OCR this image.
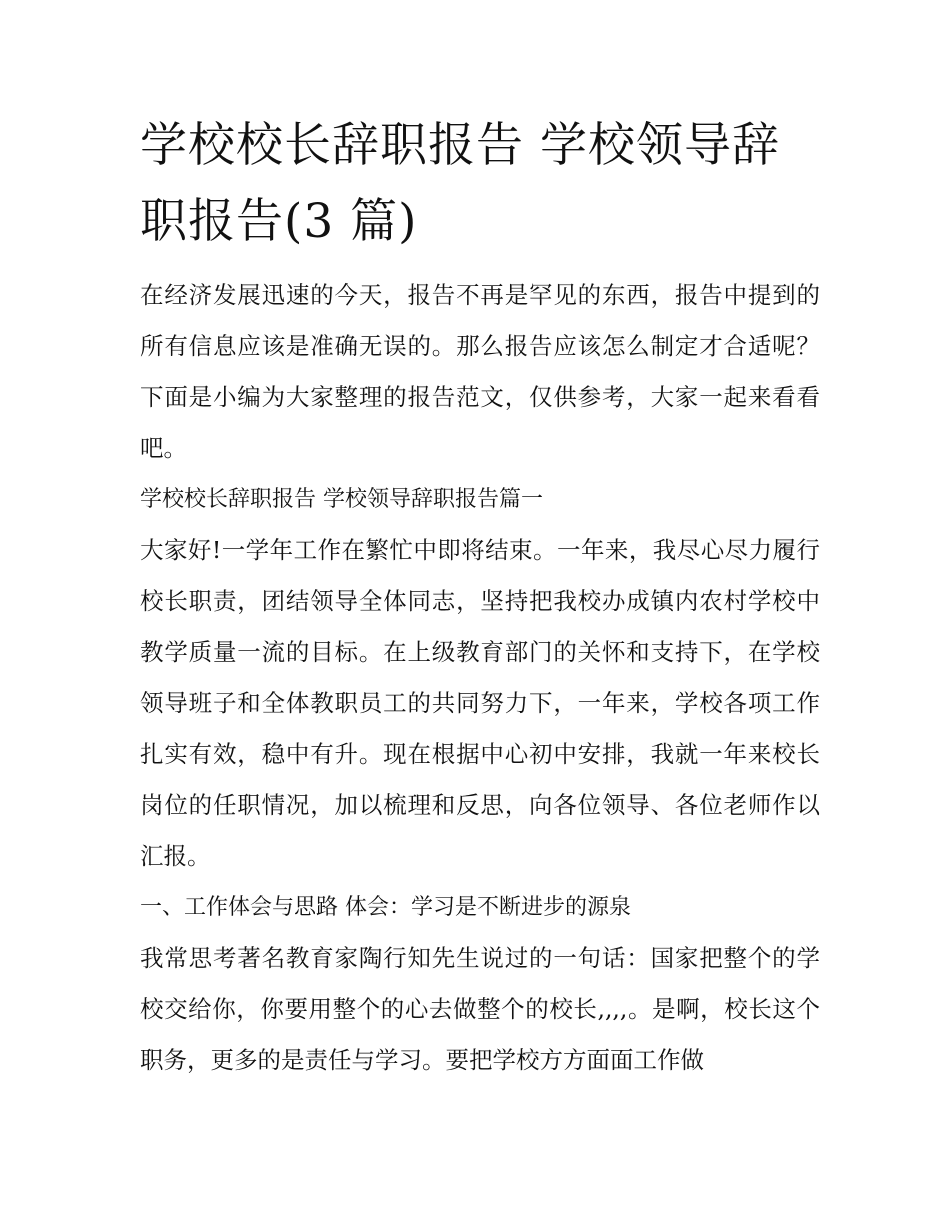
学校校长辞职报告 学校领导辞职报告(3 篇)

在经济发展迅速的今天，报告不再是罕见的东西，报告中提到的所有信息应该是准确无误的。那么报告应该怎么制定才合适呢？下面是小编为大家整理的报告范文，仅供参考，大家一起来看看吧。

学校校长辞职报告 学校领导辞职报告篇一

大家好!一学年工作在繁忙中即将结束。一年来，我尽心尽力履行校长职责，团结领导全体同志，坚持把我校办成镇内农村学校中教学质量一流的目标。在上级教育部门的关怀和支持下，在学校领导班子和全体教职员工的共同努力下，一年来，学校各项工作扎实有效，稳中有升。现在根据中心初中安排，我就一年来校长岗位的任职情况，加以梳理和反思，向各位领导、各位老师作以汇报。

一、工作体会与思路 体会：学习是不断进步的源泉

我常思考著名教育家陶行知先生说过的一句话：国家把整个的学校交给你，你要用整个的心去做整个的校长,,,,。是啊，校长这个职务，更多的是责任与学习。要把学校方方面面工作做
